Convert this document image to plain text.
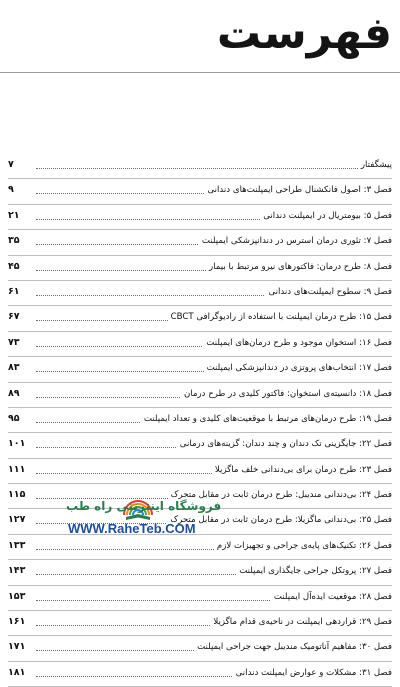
فهرست
پیشگفتار
۷
فصل ۳: اصول فانکشنال طراحی ایمپلنت‌های دندانی
۹
فصل ۵: بیومتریال در ایمپلنت دندانی
۲۱
فصل ۷: تئوری درمان استرس در دندانپزشکی ایمپلنت
۳۵
فصل ۸: طرح درمان: فاکتورهای نیرو مرتبط با بیمار
۴۵
فصل ۹: سطوح ایمپلنت‌های دندانی
۶۱
فصل ۱۵: طرح درمان ایمپلنت با استفاده از رادیوگرافی CBCT
۶۷
فصل ۱۶: استخوان موجود و طرح درمان‌های ایمپلنت
۷۳
فصل ۱۷: انتخاب‌های پروتزی در دندانپزشکی ایمپلنت
۸۳
فصل ۱۸: دانسیته‌ی استخوان: فاکتور کلیدی در طرح درمان
۸۹
فصل ۱۹: طرح درمان‌های مرتبط با موقعیت‌های کلیدی و تعداد ایمپلنت
۹۵
فصل ۲۲: جایگزینی تک دندان و چند دندان: گزینه‌های درمانی
۱۰۱
فصل ۲۳: طرح درمان برای بی‌دندانی خلف ماگزیلا
۱۱۱
فصل ۲۴: بی‌دندانی مندیبل: طرح درمان ثابت در مقابل متحرک
۱۱۵
فصل ۲۵: بی‌دندانی ماگزیلا: طرح درمان ثابت در مقابل متحرک
۱۲۷
فصل ۲۶: تکنیک‌های پایه‌ی جراحی و تجهیزات لازم
۱۳۳
فصل ۲۷: پروتکل جراحی جایگذاری ایمپلنت
۱۴۳
فصل ۲۸: موقعیت ایده‌آل ایمپلنت
۱۵۳
فصل ۲۹: قراردهی ایمپلنت در ناحیه‌ی قدام ماگزیلا
۱۶۱
فصل ۳۰: مفاهیم آناتومیک مندیبل جهت جراحی ایمپلنت
۱۷۱
فصل ۳۱: مشکلات و عوارض ایمپلنت دندانی
۱۸۱
فروشگاه اینترنتی راه طب
WWW.RaheTeb.COM
